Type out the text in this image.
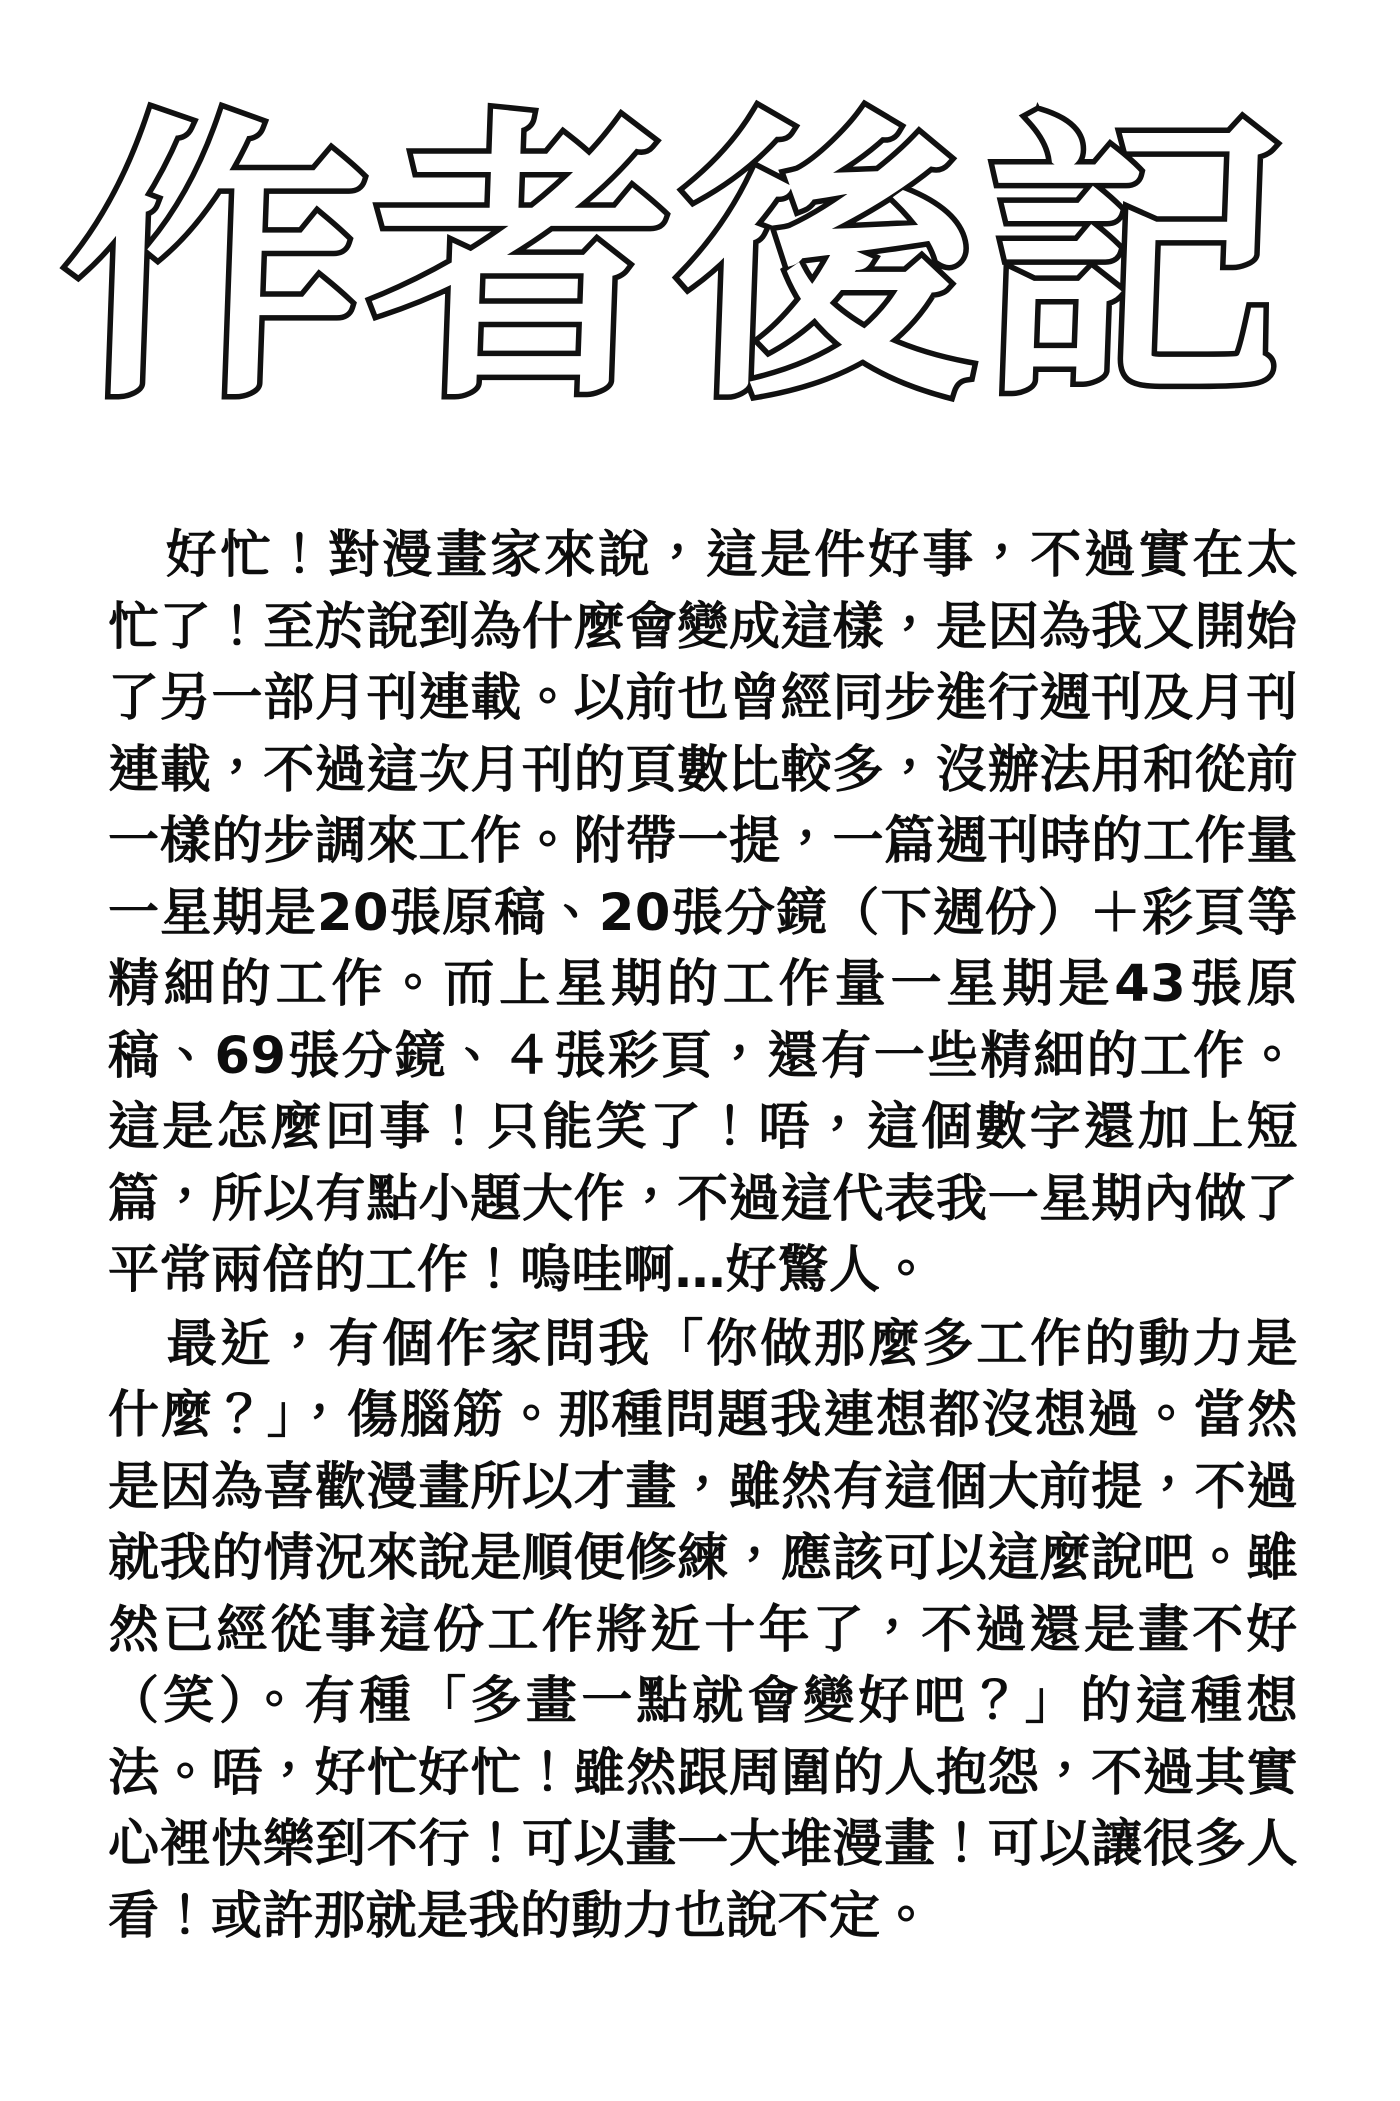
作者後記

好忙！對漫畫家來說，這是件好事，不過實在太忙了！至於說到為什麼會變成這樣，是因為我又開始了另一部月刊連載。以前也曾經同步進行週刊及月刊連載，不過這次月刊的頁數比較多，沒辦法用和從前一樣的步調來工作。附帶一提，一篇週刊時的工作量一星期是20張原稿、20張分鏡（下週份）＋彩頁等精細的工作。而上星期的工作量一星期是43張原稿、69張分鏡、４張彩頁，還有一些精細的工作。這是怎麼回事！只能笑了！唔，這個數字還加上短篇，所以有點小題大作，不過這代表我一星期內做了平常兩倍的工作！嗚哇啊…好驚人。

最近，有個作家問我「你做那麼多工作的動力是什麼？」，傷腦筋。那種問題我連想都沒想過。當然是因為喜歡漫畫所以才畫，雖然有這個大前提，不過就我的情況來說是順便修練，應該可以這麼說吧。雖然已經從事這份工作將近十年了，不過還是畫不好（笑）。有種「多畫一點就會變好吧？」的這種想法。唔，好忙好忙！雖然跟周圍的人抱怨，不過其實心裡快樂到不行！可以畫一大堆漫畫！可以讓很多人看！或許那就是我的動力也說不定。
